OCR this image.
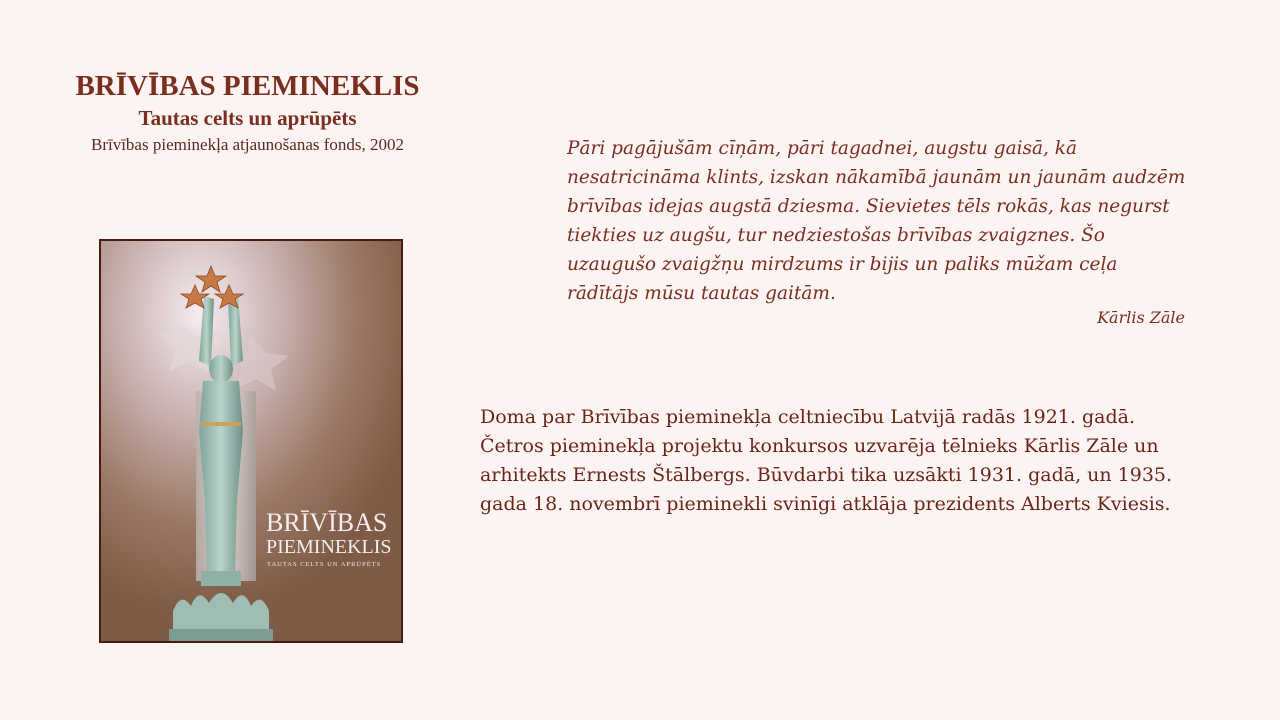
BRĪVĪBAS PIEMINEKLIS
Tautas celts un aprūpēts
Brīvības pieminekļa atjaunošanas fonds, 2002
BRĪVĪBAS
PIEMINEKLIS
TAUTAS CELTS UN APRŪPĒTS
Pāri pagājušām cīņām, pāri tagadnei, augstu gaisā, kā nesatricināma klints, izskan nākamībā jaunām un jaunām audzēm brīvības idejas augstā dziesma. Sievietes tēls rokās, kas negurst tiekties uz augšu, tur nedziestošas brīvības zvaigznes. Šo uzaugušo zvaigžņu mirdzums ir bijis un paliks mūžam ceļa rādītājs mūsu tautas gaitām.
Kārlis Zāle
Doma par Brīvības pieminekļa celtniecību Latvijā radās 1921. gadā. Četros pieminekļa projektu konkursos uzvarēja tēlnieks Kārlis Zāle un arhitekts Ernests Štālbergs. Būvdarbi tika uzsākti 1931. gadā, un 1935. gada 18. novembrī pieminekli svinīgi atklāja prezidents Alberts Kviesis.
